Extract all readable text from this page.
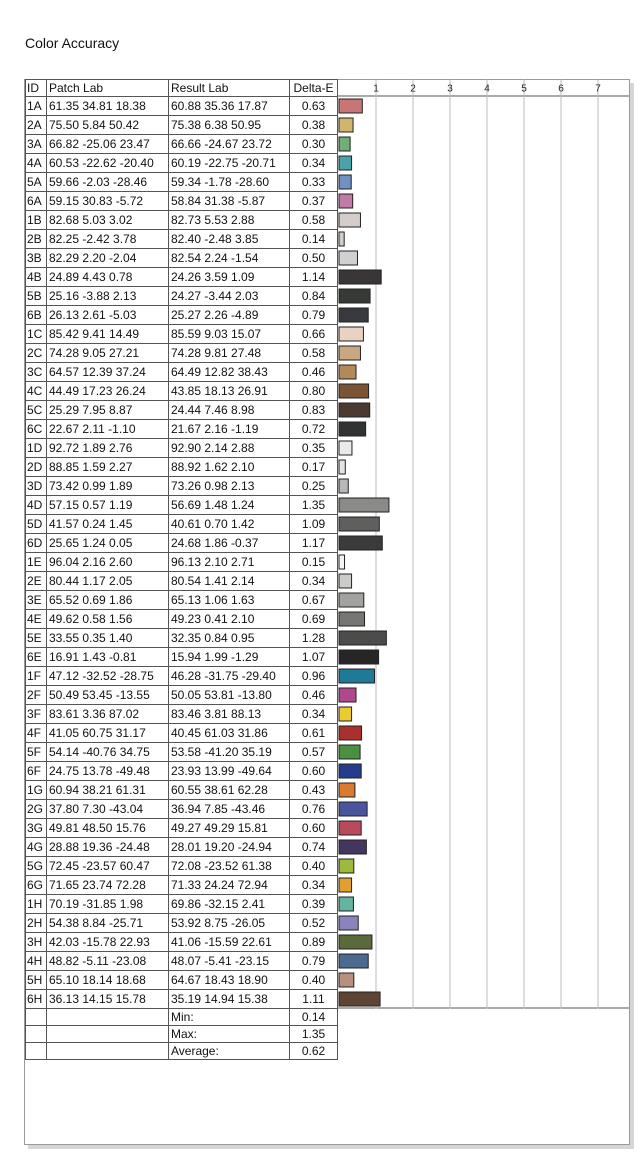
Color Accuracy
ID	Patch Lab	Result Lab	Delta-E
1A	61.35 34.81 18.38	60.88 35.36 17.87	0.63
2A	75.50 5.84 50.42	75.38 6.38 50.95	0.38
3A	66.82 -25.06 23.47	66.66 -24.67 23.72	0.30
4A	60.53 -22.62 -20.40	60.19 -22.75 -20.71	0.34
5A	59.66 -2.03 -28.46	59.34 -1.78 -28.60	0.33
6A	59.15 30.83 -5.72	58.84 31.38 -5.87	0.37
1B	82.68 5.03 3.02	82.73 5.53 2.88	0.58
2B	82.25 -2.42 3.78	82.40 -2.48 3.85	0.14
3B	82.29 2.20 -2.04	82.54 2.24 -1.54	0.50
4B	24.89 4.43 0.78	24.26 3.59 1.09	1.14
5B	25.16 -3.88 2.13	24.27 -3.44 2.03	0.84
6B	26.13 2.61 -5.03	25.27 2.26 -4.89	0.79
1C	85.42 9.41 14.49	85.59 9.03 15.07	0.66
2C	74.28 9.05 27.21	74.28 9.81 27.48	0.58
3C	64.57 12.39 37.24	64.49 12.82 38.43	0.46
4C	44.49 17.23 26.24	43.85 18.13 26.91	0.80
5C	25.29 7.95 8.87	24.44 7.46 8.98	0.83
6C	22.67 2.11 -1.10	21.67 2.16 -1.19	0.72
1D	92.72 1.89 2.76	92.90 2.14 2.88	0.35
2D	88.85 1.59 2.27	88.92 1.62 2.10	0.17
3D	73.42 0.99 1.89	73.26 0.98 2.13	0.25
4D	57.15 0.57 1.19	56.69 1.48 1.24	1.35
5D	41.57 0.24 1.45	40.61 0.70 1.42	1.09
6D	25.65 1.24 0.05	24.68 1.86 -0.37	1.17
1E	96.04 2.16 2.60	96.13 2.10 2.71	0.15
2E	80.44 1.17 2.05	80.54 1.41 2.14	0.34
3E	65.52 0.69 1.86	65.13 1.06 1.63	0.67
4E	49.62 0.58 1.56	49.23 0.41 2.10	0.69
5E	33.55 0.35 1.40	32.35 0.84 0.95	1.28
6E	16.91 1.43 -0.81	15.94 1.99 -1.29	1.07
1F	47.12 -32.52 -28.75	46.28 -31.75 -29.40	0.96
2F	50.49 53.45 -13.55	50.05 53.81 -13.80	0.46
3F	83.61 3.36 87.02	83.46 3.81 88.13	0.34
4F	41.05 60.75 31.17	40.45 61.03 31.86	0.61
5F	54.14 -40.76 34.75	53.58 -41.20 35.19	0.57
6F	24.75 13.78 -49.48	23.93 13.99 -49.64	0.60
1G	60.94 38.21 61.31	60.55 38.61 62.28	0.43
2G	37.80 7.30 -43.04	36.94 7.85 -43.46	0.76
3G	49.81 48.50 15.76	49.27 49.29 15.81	0.60
4G	28.88 19.36 -24.48	28.01 19.20 -24.94	0.74
5G	72.45 -23.57 60.47	72.08 -23.52 61.38	0.40
6G	71.65 23.74 72.28	71.33 24.24 72.94	0.34
1H	70.19 -31.85 1.98	69.86 -32.15 2.41	0.39
2H	54.38 8.84 -25.71	53.92 8.75 -26.05	0.52
3H	42.03 -15.78 22.93	41.06 -15.59 22.61	0.89
4H	48.82 -5.11 -23.08	48.07 -5.41 -23.15	0.79
5H	65.10 18.14 18.68	64.67 18.43 18.90	0.40
6H	36.13 14.15 15.78	35.19 14.94 15.38	1.11
		Min:	0.14
		Max:	1.35
		Average:	0.62
1	2	3	4	5	6	7
